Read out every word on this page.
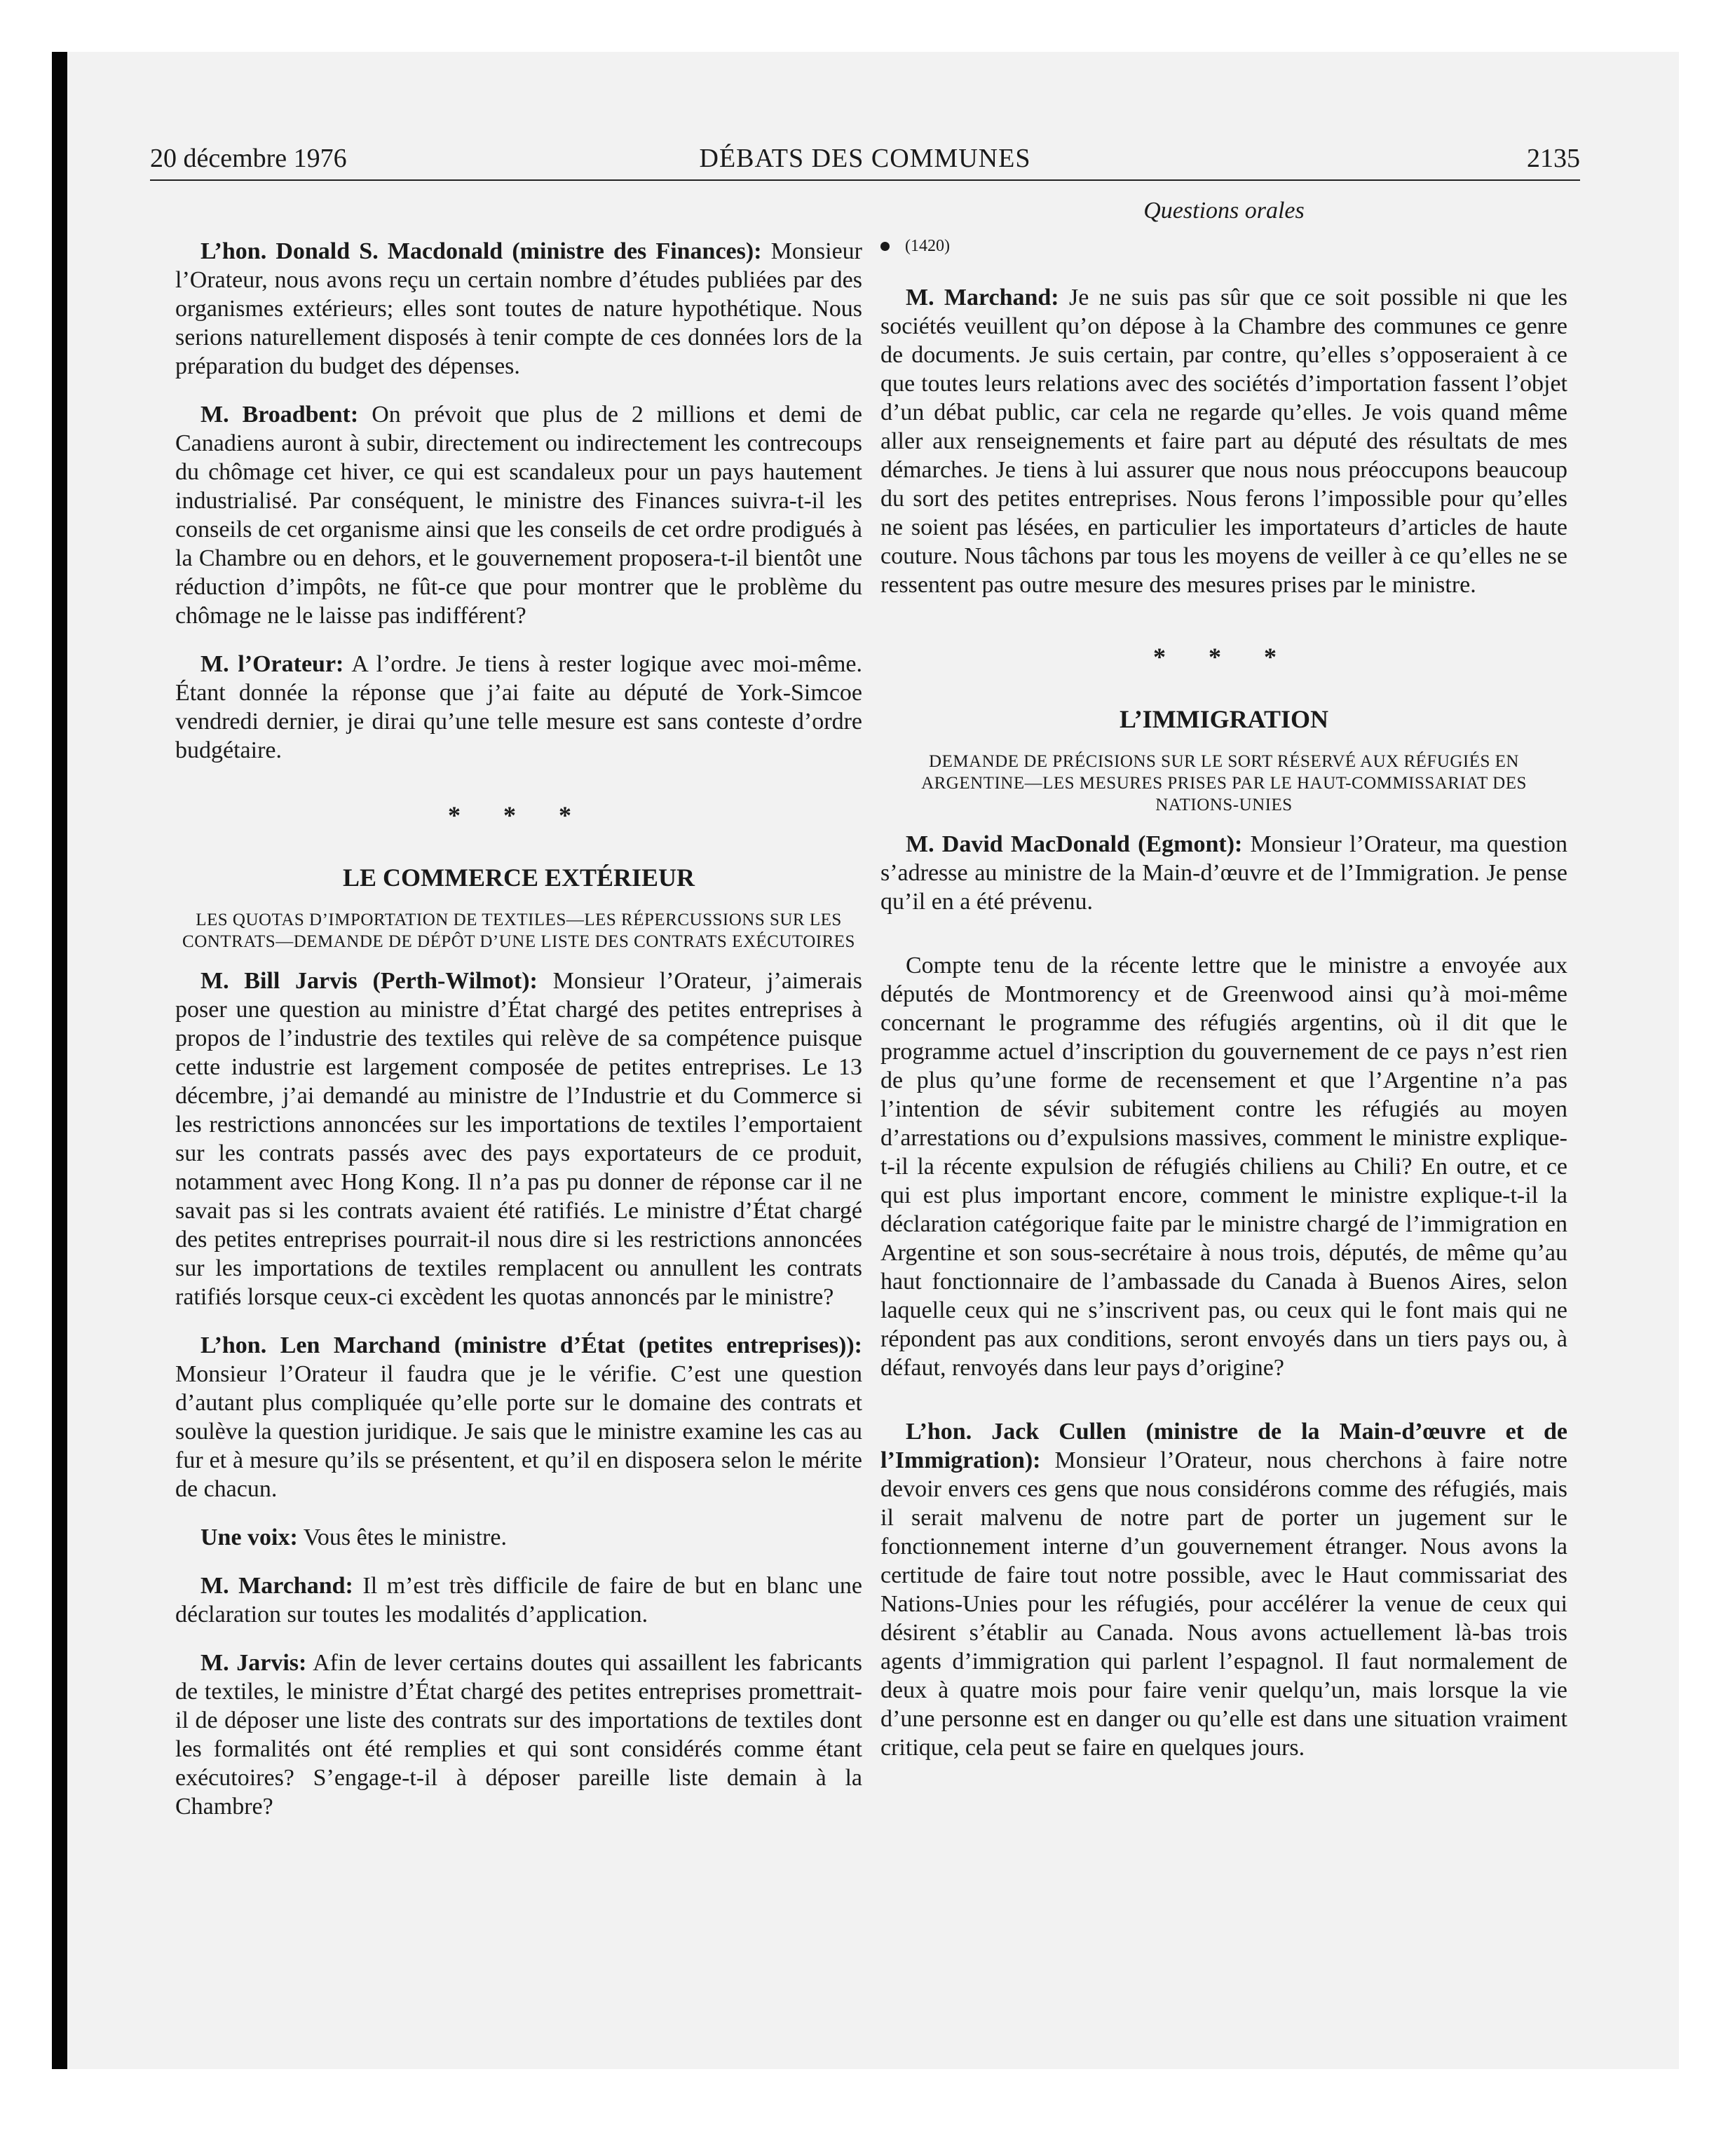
20 décembre 1976	DÉBATS DES COMMUNES	2135

L’hon. Donald S. Macdonald (ministre des Finances): Monsieur l’Orateur, nous avons reçu un certain nombre d’études publiées par des organismes extérieurs; elles sont toutes de nature hypothétique. Nous serions naturellement disposés à tenir compte de ces données lors de la préparation du budget des dépenses.

M. Broadbent: On prévoit que plus de 2 millions et demi de Canadiens auront à subir, directement ou indirectement les contrecoups du chômage cet hiver, ce qui est scandaleux pour un pays hautement industrialisé. Par conséquent, le ministre des Finances suivra-t-il les conseils de cet organisme ainsi que les conseils de cet ordre prodigués à la Chambre ou en dehors, et le gouvernement proposera-t-il bientôt une réduction d’impôts, ne fût-ce que pour montrer que le problème du chômage ne le laisse pas indifférent?

M. l’Orateur: A l’ordre. Je tiens à rester logique avec moi-même. Étant donnée la réponse que j’ai faite au député de York-Simcoe vendredi dernier, je dirai qu’une telle mesure est sans conteste d’ordre budgétaire.

* * *
LE COMMERCE EXTÉRIEUR
LES QUOTAS D’IMPORTATION DE TEXTILES—LES RÉPERCUSSIONS SUR LES CONTRATS—DEMANDE DE DÉPÔT D’UNE LISTE DES CONTRATS EXÉCUTOIRES

M. Bill Jarvis (Perth-Wilmot): Monsieur l’Orateur, j’aimerais poser une question au ministre d’État chargé des petites entreprises à propos de l’industrie des textiles qui relève de sa compétence puisque cette industrie est largement composée de petites entreprises. Le 13 décembre, j’ai demandé au ministre de l’Industrie et du Commerce si les restrictions annoncées sur les importations de textiles l’emportaient sur les contrats passés avec des pays exportateurs de ce produit, notamment avec Hong Kong. Il n’a pas pu donner de réponse car il ne savait pas si les contrats avaient été ratifiés. Le ministre d’État chargé des petites entreprises pourrait-il nous dire si les restrictions annoncées sur les importations de textiles remplacent ou annullent les contrats ratifiés lorsque ceux-ci excèdent les quotas annoncés par le ministre?

L’hon. Len Marchand (ministre d’État (petites entreprises)): Monsieur l’Orateur il faudra que je le vérifie. C’est une question d’autant plus compliquée qu’elle porte sur le domaine des contrats et soulève la question juridique. Je sais que le ministre examine les cas au fur et à mesure qu’ils se présentent, et qu’il en disposera selon le mérite de chacun.

Une voix: Vous êtes le ministre.

M. Marchand: Il m’est très difficile de faire de but en blanc une déclaration sur toutes les modalités d’application.

M. Jarvis: Afin de lever certains doutes qui assaillent les fabricants de textiles, le ministre d’État chargé des petites entreprises promettrait-il de déposer une liste des contrats sur des importations de textiles dont les formalités ont été remplies et qui sont considérés comme étant exécutoires? S’engage-t-il à déposer pareille liste demain à la Chambre?

Questions orales
(1420)

M. Marchand: Je ne suis pas sûr que ce soit possible ni que les sociétés veuillent qu’on dépose à la Chambre des communes ce genre de documents. Je suis certain, par contre, qu’elles s’opposeraient à ce que toutes leurs relations avec des sociétés d’importation fassent l’objet d’un débat public, car cela ne regarde qu’elles. Je vois quand même aller aux renseignements et faire part au député des résultats de mes démarches. Je tiens à lui assurer que nous nous préoccupons beaucoup du sort des petites entreprises. Nous ferons l’impossible pour qu’elles ne soient pas lésées, en particulier les importateurs d’articles de haute couture. Nous tâchons par tous les moyens de veiller à ce qu’elles ne se ressentent pas outre mesure des mesures prises par le ministre.

* * *
L’IMMIGRATION
DEMANDE DE PRÉCISIONS SUR LE SORT RÉSERVÉ AUX RÉFUGIÉS EN ARGENTINE—LES MESURES PRISES PAR LE HAUT-COMMISSARIAT DES NATIONS-UNIES

M. David MacDonald (Egmont): Monsieur l’Orateur, ma question s’adresse au ministre de la Main-d’œuvre et de l’Immigration. Je pense qu’il en a été prévenu.

Compte tenu de la récente lettre que le ministre a envoyée aux députés de Montmorency et de Greenwood ainsi qu’à moi-même concernant le programme des réfugiés argentins, où il dit que le programme actuel d’inscription du gouvernement de ce pays n’est rien de plus qu’une forme de recensement et que l’Argentine n’a pas l’intention de sévir subitement contre les réfugiés au moyen d’arrestations ou d’expulsions massives, comment le ministre explique-t-il la récente expulsion de réfugiés chiliens au Chili? En outre, et ce qui est plus important encore, comment le ministre explique-t-il la déclaration catégorique faite par le ministre chargé de l’immigration en Argentine et son sous-secrétaire à nous trois, députés, de même qu’au haut fonctionnaire de l’ambassade du Canada à Buenos Aires, selon laquelle ceux qui ne s’inscrivent pas, ou ceux qui le font mais qui ne répondent pas aux conditions, seront envoyés dans un tiers pays ou, à défaut, renvoyés dans leur pays d’origine?

L’hon. Jack Cullen (ministre de la Main-d’œuvre et de l’Immigration): Monsieur l’Orateur, nous cherchons à faire notre devoir envers ces gens que nous considérons comme des réfugiés, mais il serait malvenu de notre part de porter un jugement sur le fonctionnement interne d’un gouvernement étranger. Nous avons la certitude de faire tout notre possible, avec le Haut commissariat des Nations-Unies pour les réfugiés, pour accélérer la venue de ceux qui désirent s’établir au Canada. Nous avons actuellement là-bas trois agents d’immigration qui parlent l’espagnol. Il faut normalement de deux à quatre mois pour faire venir quelqu’un, mais lorsque la vie d’une personne est en danger ou qu’elle est dans une situation vraiment critique, cela peut se faire en quelques jours.
